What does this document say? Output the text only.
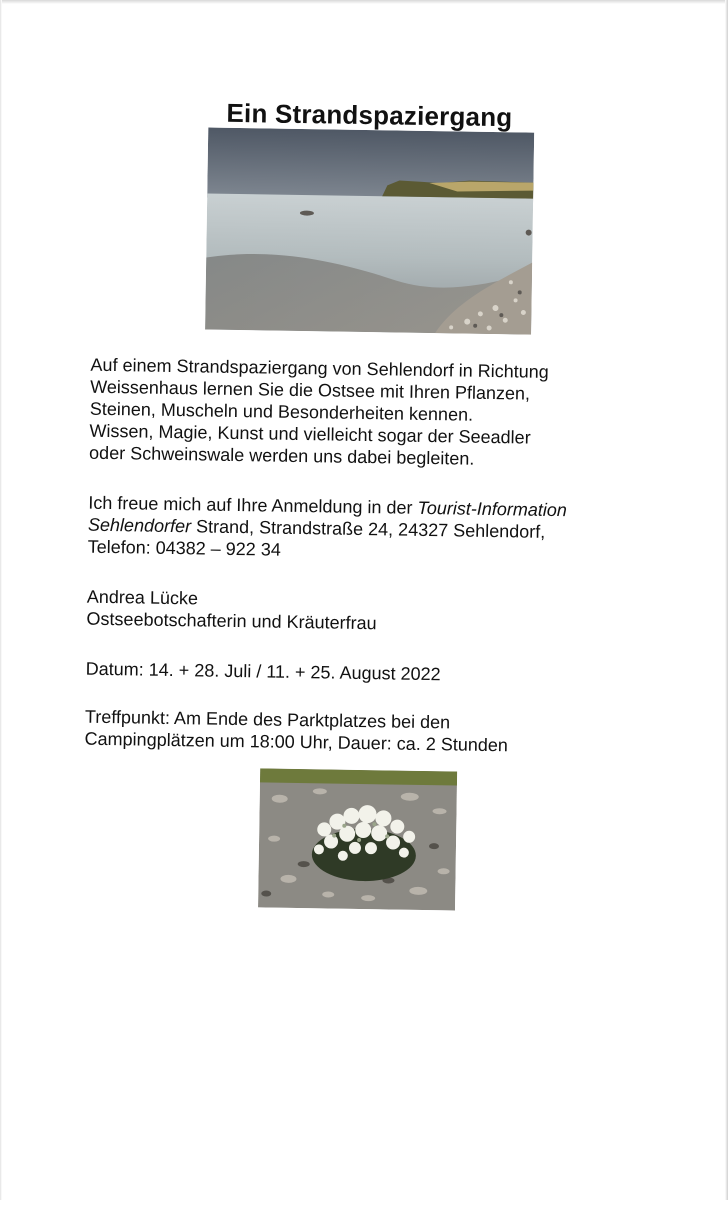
Ein Strandspaziergang
Auf einem Strandspaziergang von Sehlendorf in Richtung
Weissenhaus lernen Sie die Ostsee mit Ihren Pflanzen,
Steinen, Muscheln und Besonderheiten kennen.
Wissen, Magie, Kunst und vielleicht sogar der Seeadler
oder Schweinswale werden uns dabei begleiten.
Ich freue mich auf Ihre Anmeldung in der Tourist-Information
Sehlendorfer Strand, Strandstraße 24, 24327 Sehlendorf,
Telefon: 04382 – 922 34
Andrea Lücke
Ostseebotschafterin und Kräuterfrau
Datum: 14. + 28. Juli / 11. + 25. August 2022
Treffpunkt: Am Ende des Parktplatzes bei den
Campingplätzen um 18:00 Uhr, Dauer: ca. 2 Stunden
